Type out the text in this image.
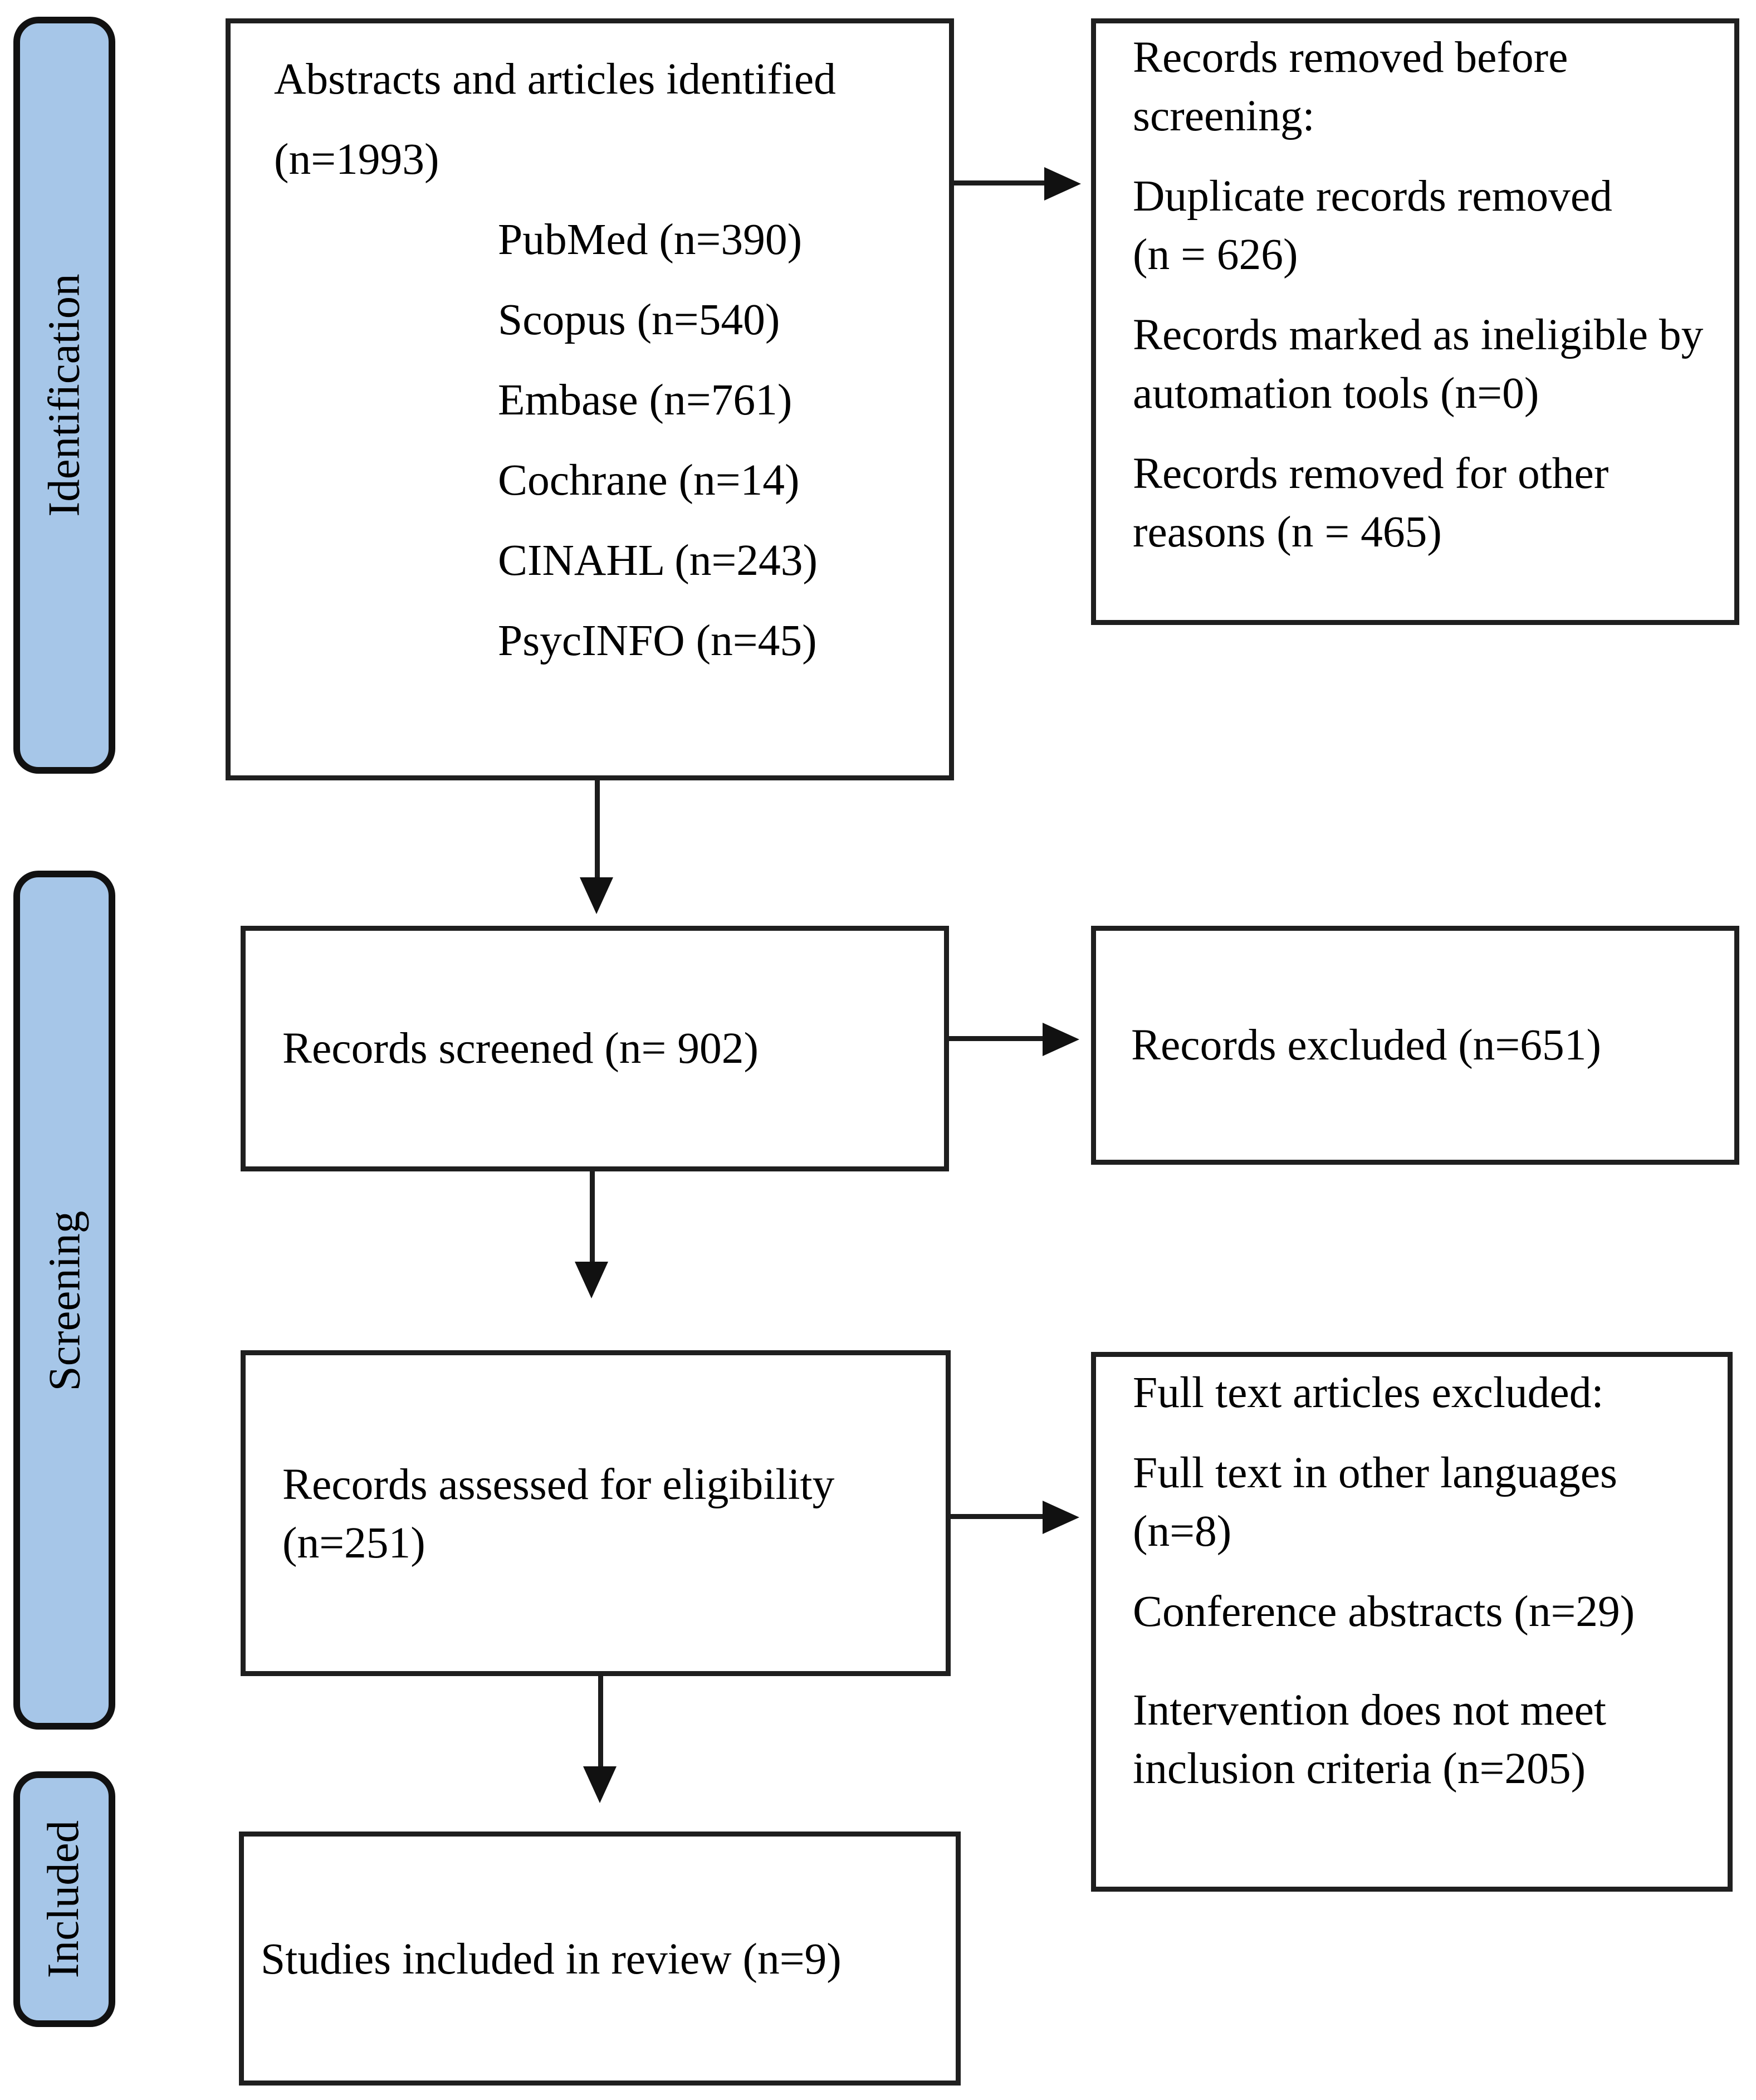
Identification
Screening
Included
Abstracts and articles identified
(n=1993)
PubMed (n=390)
Scopus (n=540)
Embase (n=761)
Cochrane (n=14)
CINAHL (n=243)
PsycINFO (n=45)

Records removed before screening:

Duplicate records removed (n = 626)

Records marked as ineligible by automation tools (n=0)

Records removed for other reasons (n = 465)

Records screened (n= 902)	Records excluded (n=651)
Records assessed for eligibility
(n=251)

Full text articles excluded:

Full text in other languages (n=8)

Conference abstracts (n=29)

Intervention does not meet inclusion criteria (n=205)

Studies included in review (n=9)
